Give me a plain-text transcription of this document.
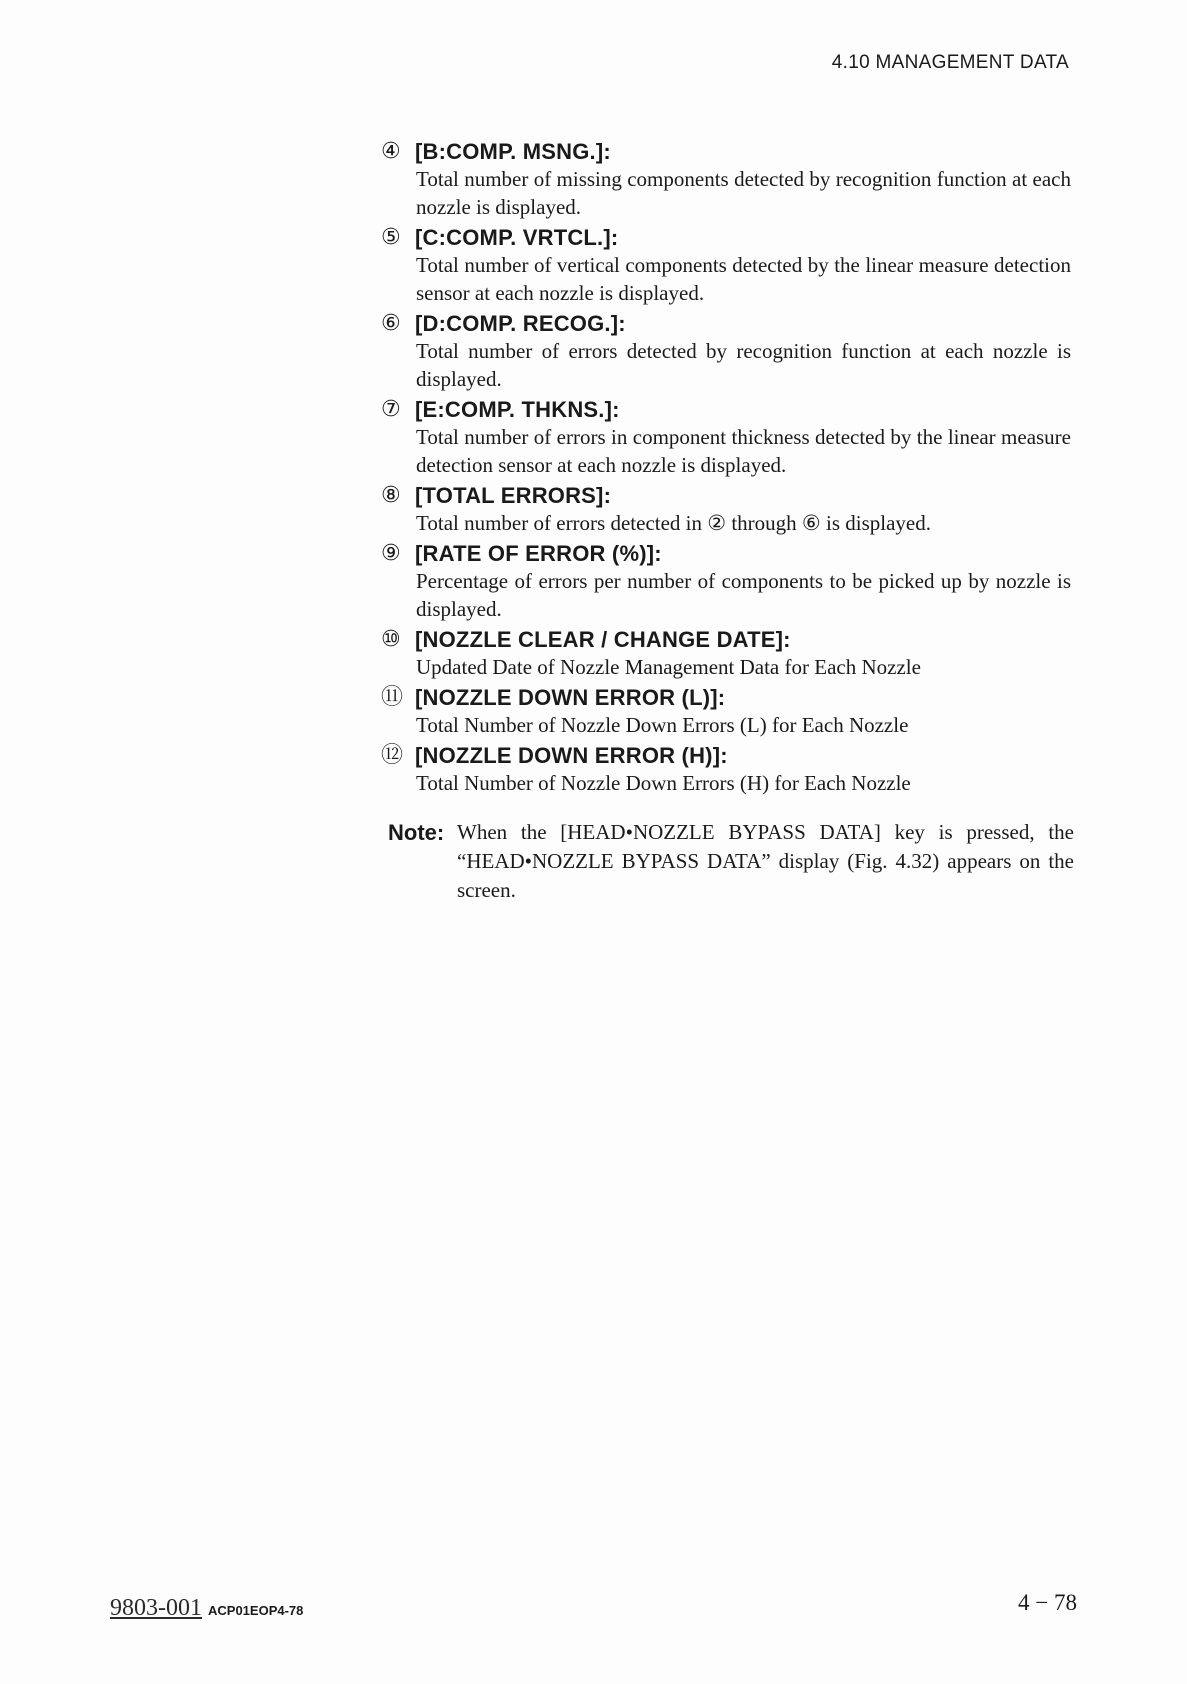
4.10 MANAGEMENT DATA
④ [B:COMP. MSNG.]:
Total number of missing components detected by recognition function at each nozzle is displayed.
⑤ [C:COMP. VRTCL.]:
Total number of vertical components detected by the linear measure detection sensor at each nozzle is displayed.
⑥ [D:COMP. RECOG.]:
Total number of errors detected by recognition function at each nozzle is displayed.
⑦ [E:COMP. THKNS.]:
Total number of errors in component thickness detected by the linear measure detection sensor at each nozzle is displayed.
⑧ [TOTAL ERRORS]:
Total number of errors detected in ② through ⑥ is displayed.
⑨ [RATE OF ERROR (%)]:
Percentage of errors per number of components to be picked up by nozzle is displayed.
⑩ [NOZZLE CLEAR / CHANGE DATE]:
Updated Date of Nozzle Management Data for Each Nozzle
⑪ [NOZZLE DOWN ERROR (L)]:
Total Number of Nozzle Down Errors (L) for Each Nozzle
⑫ [NOZZLE DOWN ERROR (H)]:
Total Number of Nozzle Down Errors (H) for Each Nozzle
Note: When the [HEAD•NOZZLE BYPASS DATA] key is pressed, the “HEAD•NOZZLE BYPASS DATA” display (Fig. 4.32) appears on the screen.
9803-001 ACP01EOP4-78	4 − 78
